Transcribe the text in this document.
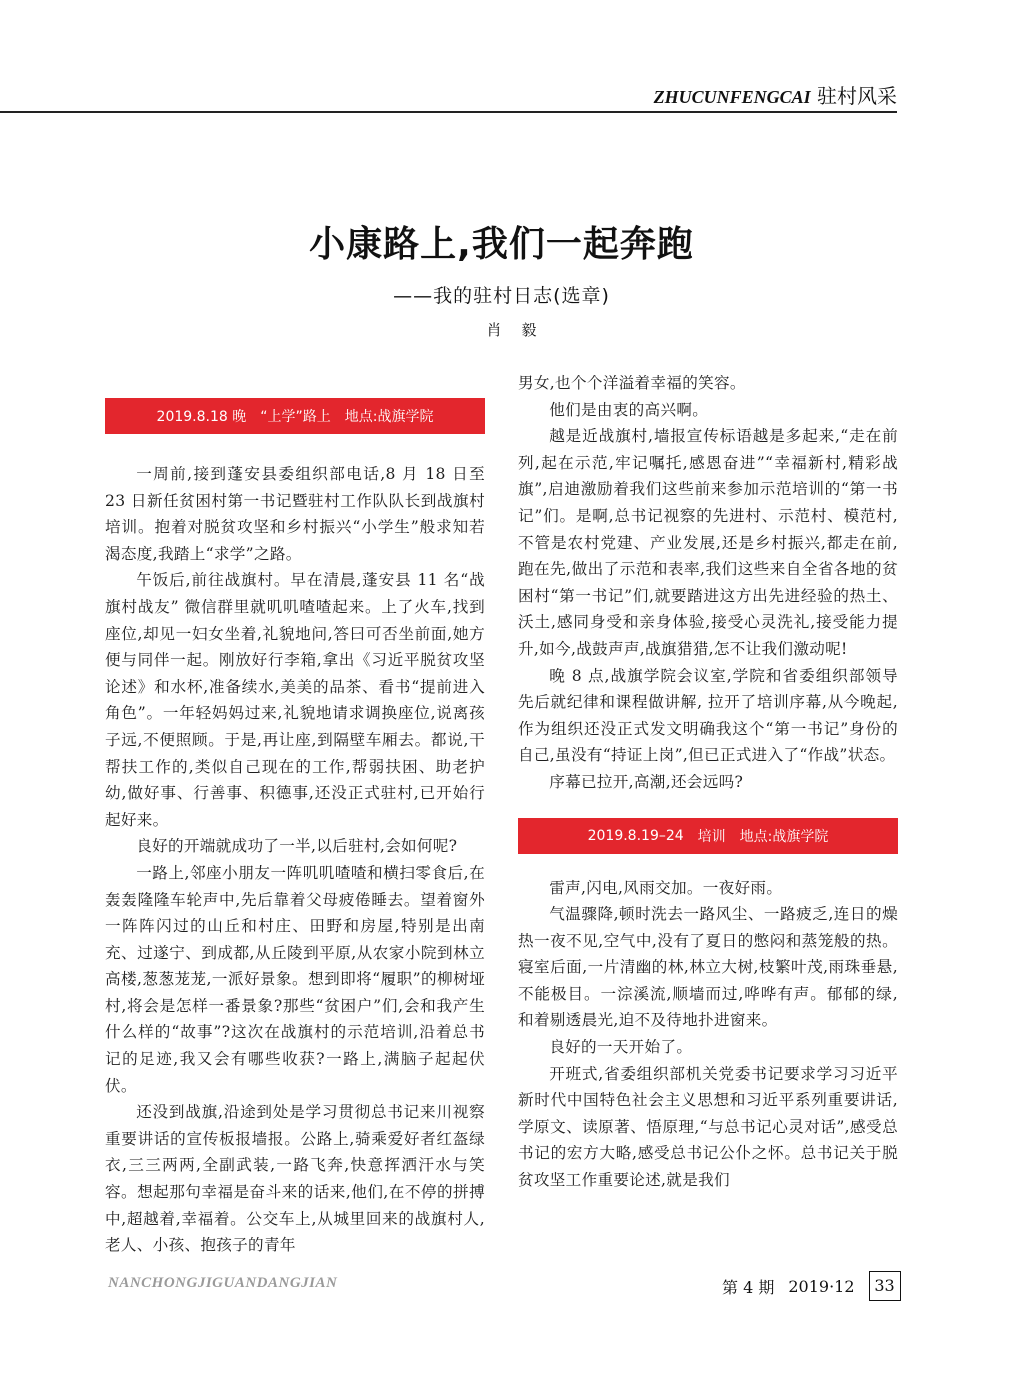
ZHUCUNFENGCAI 驻村风采
小康路上,我们一起奔跑
——我的驻村日志(选章)
肖毅
2019.8.18 晚 “上学”路上 地点:战旗学院

一周前,接到蓬安县委组织部电话,8 月 18 日至 23 日新任贫困村第一书记暨驻村工作队队长到战旗村培训。抱着对脱贫攻坚和乡村振兴“小学生”般求知若渴态度,我踏上“求学”之路。

午饭后,前往战旗村。早在清晨,蓬安县 11 名“战旗村战友” 微信群里就叽叽喳喳起来。上了火车,找到座位,却见一妇女坐着,礼貌地问,答曰可否坐前面,她方便与同伴一起。刚放好行李箱,拿出《习近平脱贫攻坚论述》和水杯,准备续水,美美的品茶、看书“提前进入角色”。一年轻妈妈过来,礼貌地请求调换座位,说离孩子远,不便照顾。于是,再让座,到隔壁车厢去。都说,干帮扶工作的,类似自己现在的工作,帮弱扶困、助老护幼,做好事、行善事、积德事,还没正式驻村,已开始行起好来。

良好的开端就成功了一半,以后驻村,会如何呢?

一路上,邻座小朋友一阵叽叽喳喳和横扫零食后,在轰轰隆隆车轮声中,先后靠着父母疲倦睡去。望着窗外一阵阵闪过的山丘和村庄、田野和房屋,特别是出南充、过遂宁、到成都,从丘陵到平原,从农家小院到林立高楼,葱葱茏茏,一派好景象。想到即将“履职”的柳树垭村,将会是怎样一番景象?那些“贫困户”们,会和我产生什么样的“故事”?这次在战旗村的示范培训,沿着总书记的足迹,我又会有哪些收获?一路上,满脑子起起伏伏。

还没到战旗,沿途到处是学习贯彻总书记来川视察重要讲话的宣传板报墙报。公路上,骑乘爱好者红盔绿衣,三三两两,全副武装,一路飞奔,快意挥洒汗水与笑容。想起那句幸福是奋斗来的话来,他们,在不停的拼搏中,超越着,幸福着。公交车上,从城里回来的战旗村人,老人、小孩、抱孩子的青年

男女,也个个洋溢着幸福的笑容。

他们是由衷的高兴啊。

越是近战旗村,墙报宣传标语越是多起来,“走在前列,起在示范,牢记嘱托,感恩奋进”“幸福新村,精彩战旗”,启迪激励着我们这些前来参加示范培训的“第一书记”们。是啊,总书记视察的先进村、示范村、模范村,不管是农村党建、产业发展,还是乡村振兴,都走在前,跑在先,做出了示范和表率,我们这些来自全省各地的贫困村“第一书记”们,就要踏进这方出先进经验的热土、沃土,感同身受和亲身体验,接受心灵洗礼,接受能力提升,如今,战鼓声声,战旗猎猎,怎不让我们激动呢!

晚 8 点,战旗学院会议室,学院和省委组织部领导先后就纪律和课程做讲解, 拉开了培训序幕,从今晚起,作为组织还没正式发文明确我这个“第一书记”身份的自己,虽没有“持证上岗”,但已正式进入了“作战”状态。

序幕已拉开,高潮,还会远吗?

2019.8.19–24 培训 地点:战旗学院

雷声,闪电,风雨交加。一夜好雨。

气温骤降,顿时洗去一路风尘、一路疲乏,连日的燥热一夜不见,空气中,没有了夏日的憋闷和蒸笼般的热。寝室后面,一片清幽的林,林立大树,枝繁叶茂,雨珠垂悬,不能极目。一淙溪流,顺墙而过,哗哗有声。郁郁的绿,和着剔透晨光,迫不及待地扑进窗来。

良好的一天开始了。

开班式,省委组织部机关党委书记要求学习习近平新时代中国特色社会主义思想和习近平系列重要讲话,学原文、读原著、悟原理,“与总书记心灵对话”,感受总书记的宏方大略,感受总书记公仆之怀。总书记关于脱贫攻坚工作重要论述,就是我们

NANCHONGJIGUANDANGJIAN	第 4 期 2019·12	33
